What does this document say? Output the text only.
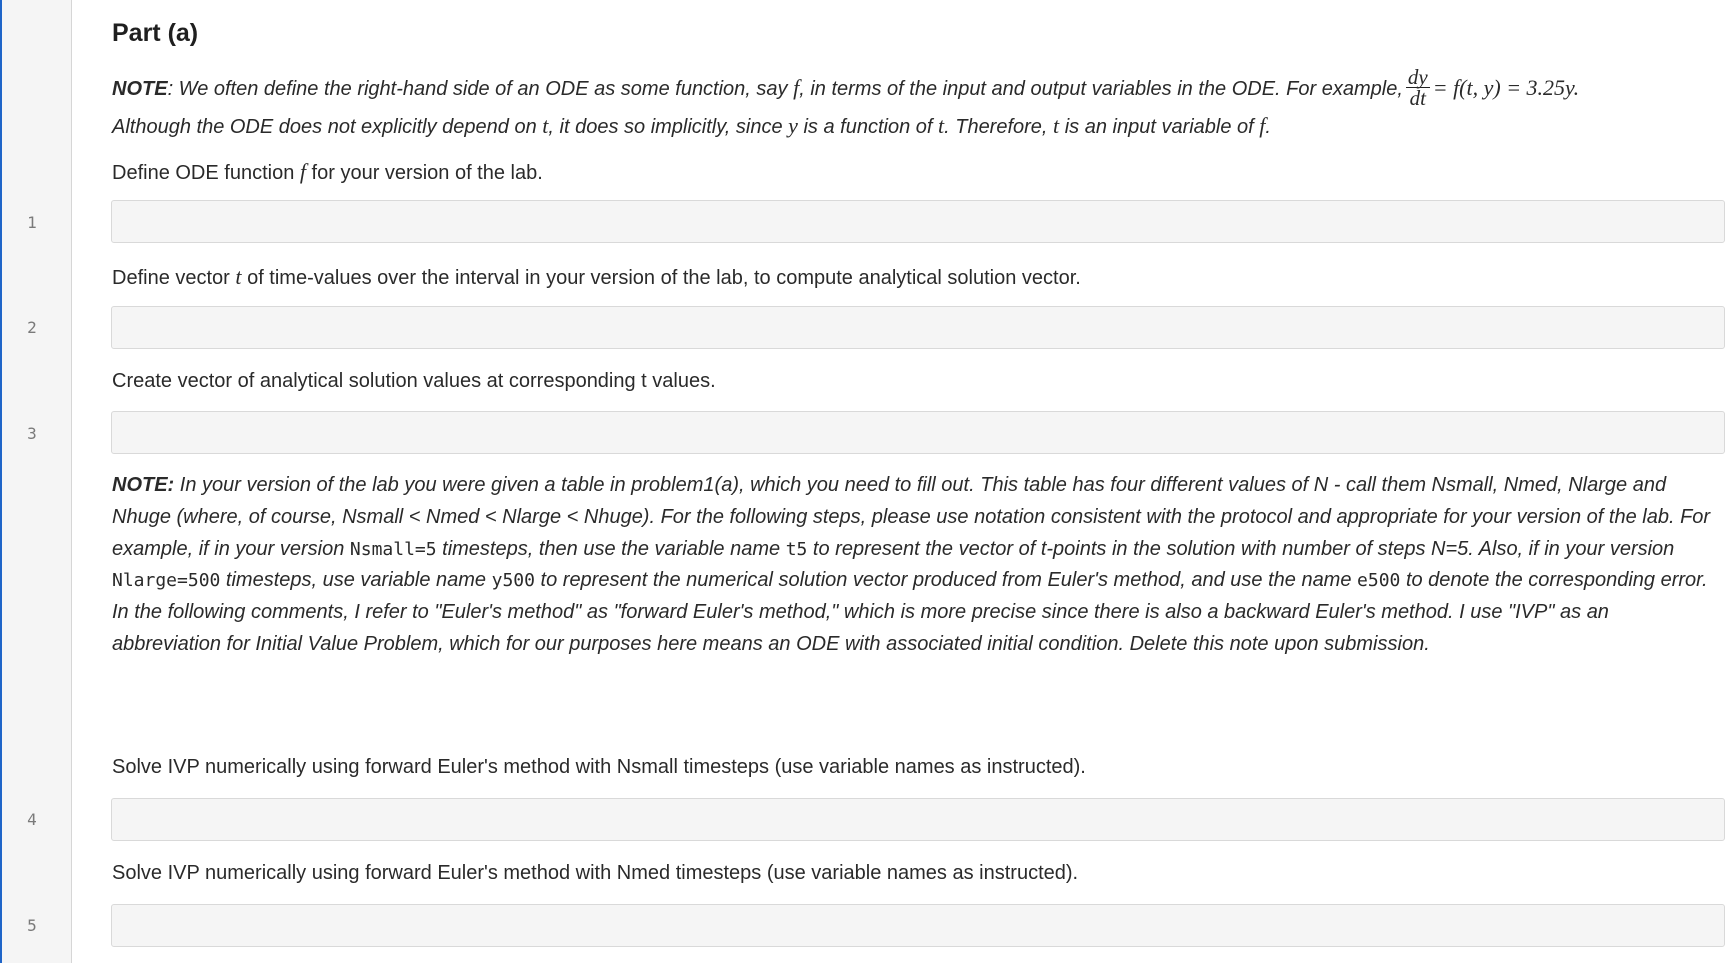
1
2
3
4
5
Part (a)
NOTE: We often define the right-hand side of an ODE as some function, say f, in terms of the input and output variables in the ODE. For example, $\frac{dy}{dt} = f(t$, y) = 3.25y.
Although the ODE does not explicitly depend on t, it does so implicitly, since y is a function of t. Therefore, t is an input variable of f.
Define ODE function f for your version of the lab.
Define vector t of time-values over the interval in your version of the lab, to compute analytical solution vector.
Create vector of analytical solution values at corresponding t values.
NOTE: In your version of the lab you were given a table in problem1(a), which you need to fill out. This table has four different values of N - call them Nsmall, Nmed, Nlarge and Nhuge (where, of course, Nsmall < Nmed < Nlarge < Nhuge). For the following steps, please use notation consistent with the protocol and appropriate for your version of the lab. For example, if in your version Nsmall=5 timesteps, then use the variable name t5 to represent the vector of t-points in the solution with number of steps N=5. Also, if in your version Nlarge=500 timesteps, use variable name y500 to represent the numerical solution vector produced from Euler's method, and use the name e500 to denote the corresponding error. In the following comments, I refer to "Euler's method" as "forward Euler's method," which is more precise since there is also a backward Euler's method. I use "IVP" as an abbreviation for Initial Value Problem, which for our purposes here means an ODE with associated initial condition. Delete this note upon submission.
Solve IVP numerically using forward Euler's method with Nsmall timesteps (use variable names as instructed).
Solve IVP numerically using forward Euler's method with Nmed timesteps (use variable names as instructed).
